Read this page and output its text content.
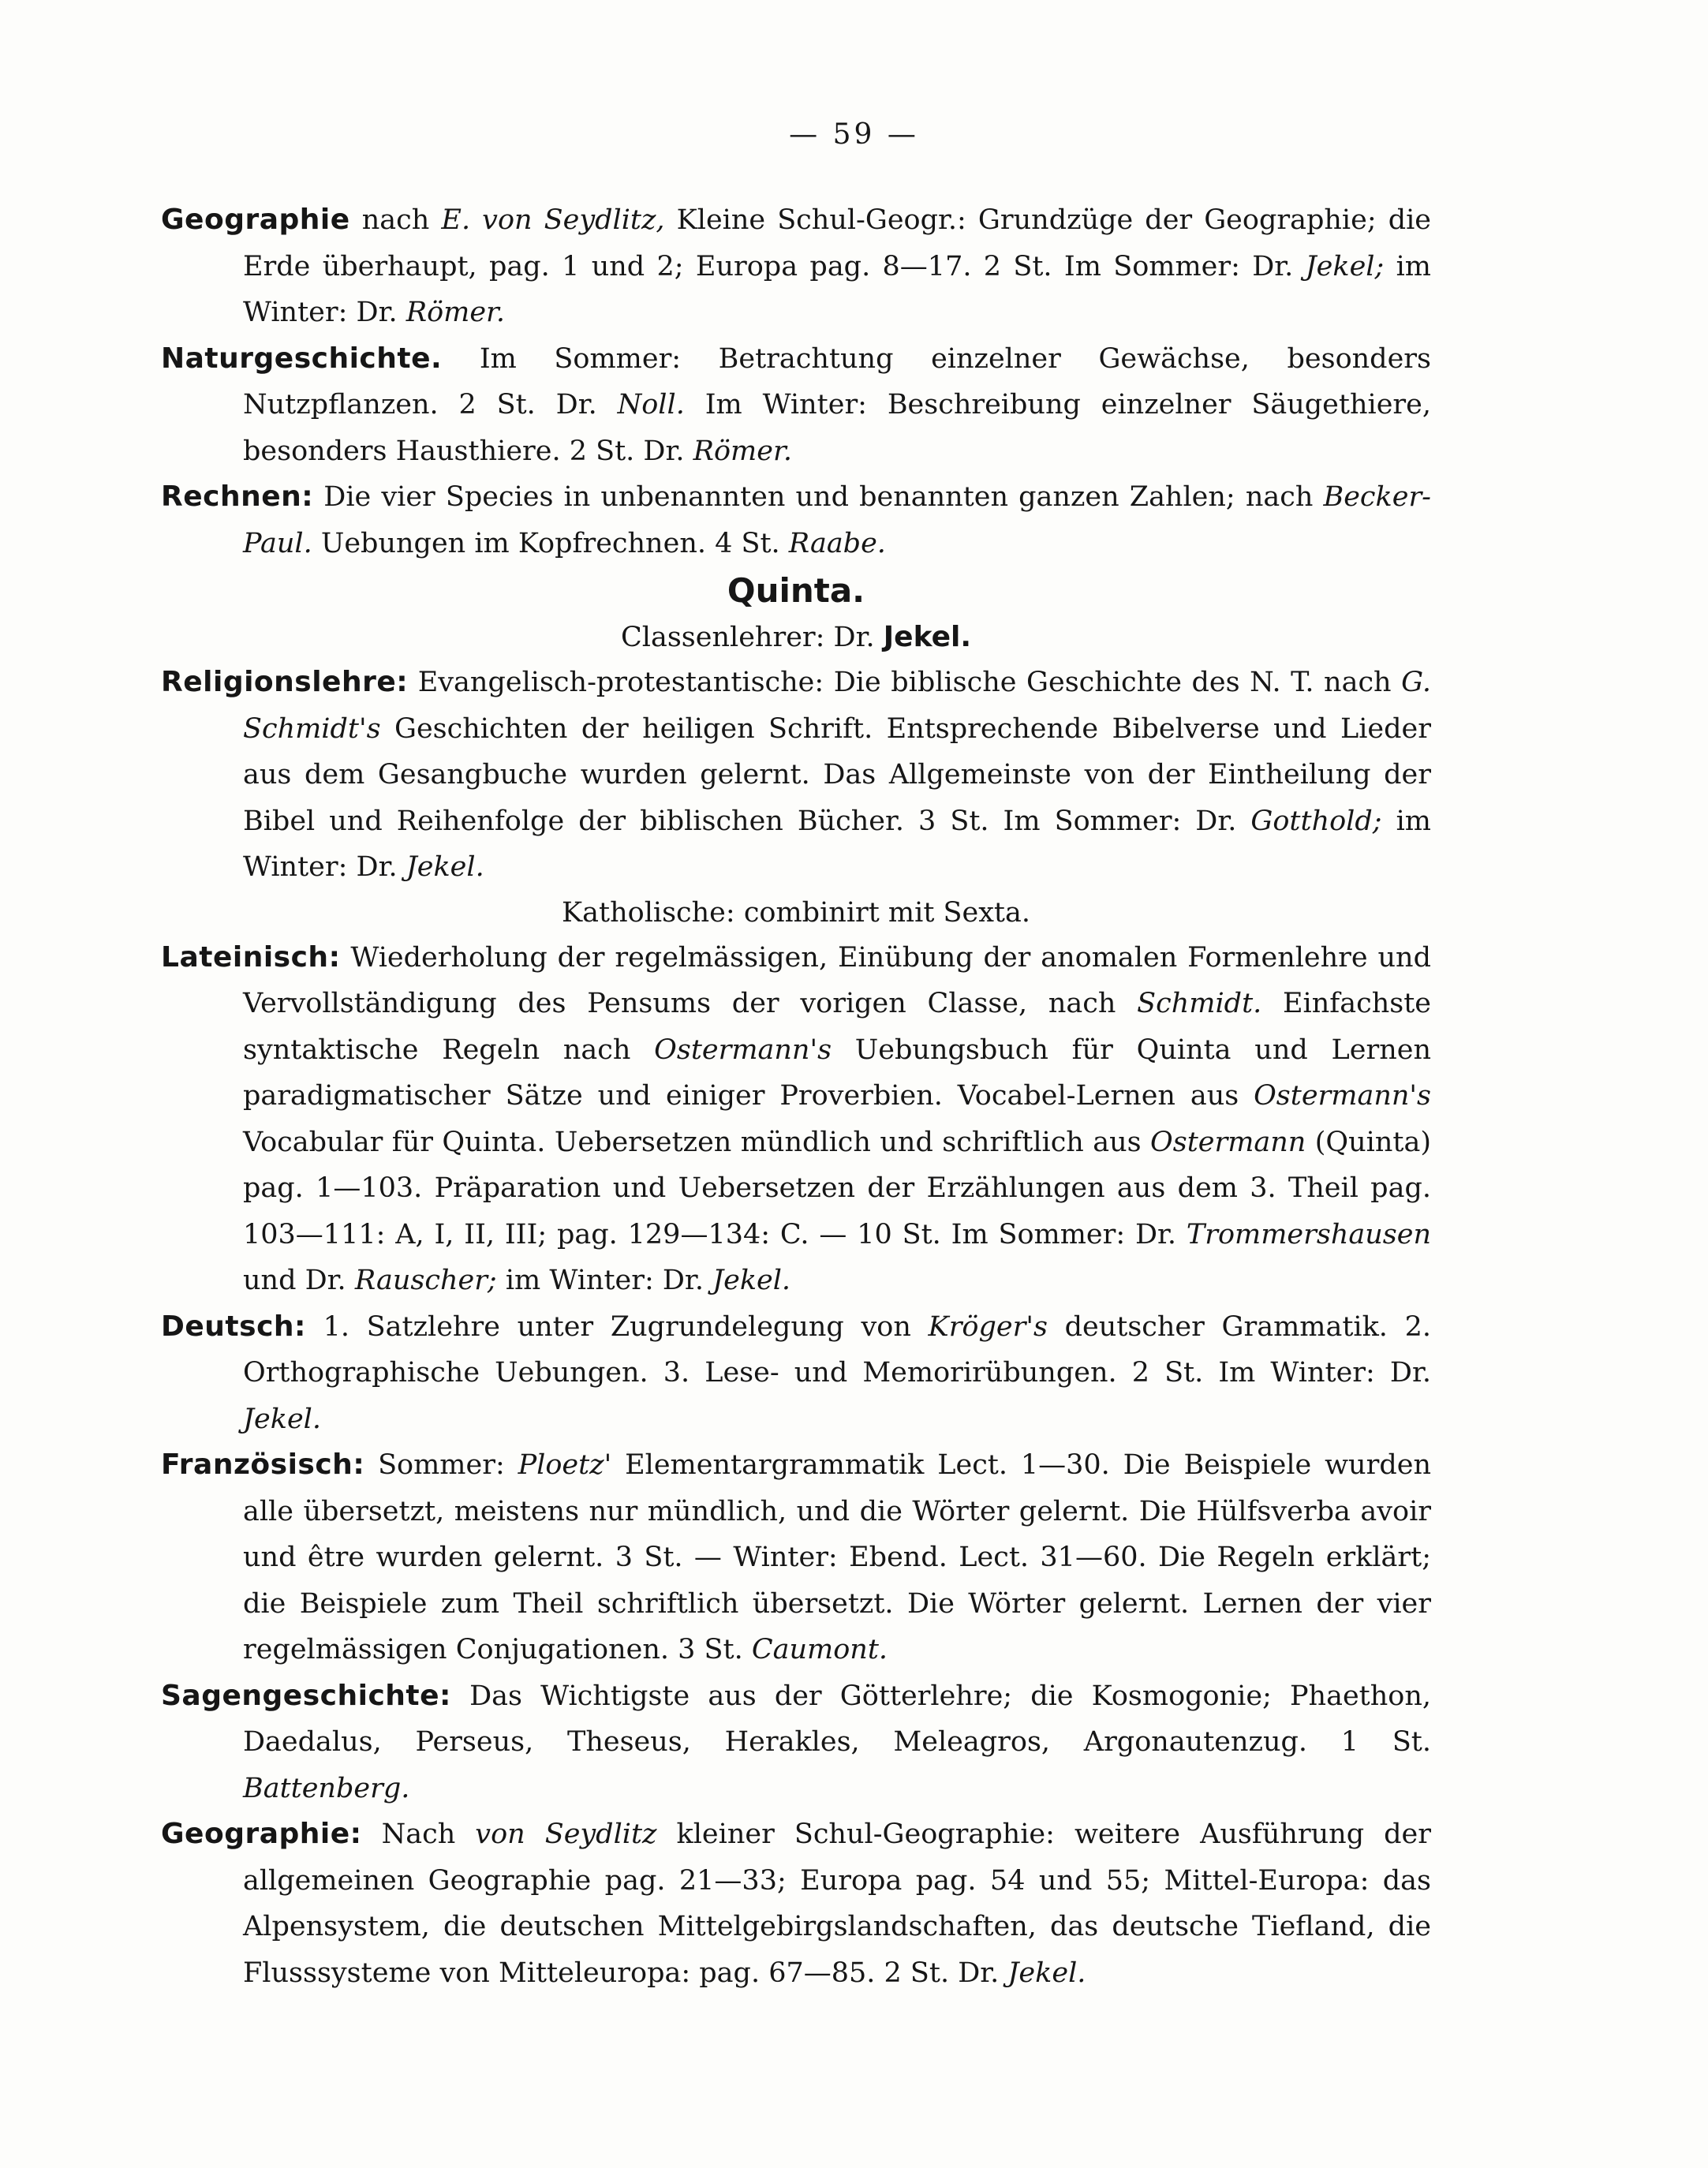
— 59 —

Geographie nach E. von Seydlitz, Kleine Schul-Geogr.: Grundzüge der Geographie; die Erde überhaupt, pag. 1 und 2; Europa pag. 8—17. 2 St. Im Sommer: Dr. Jekel; im Winter: Dr. Römer.

Naturgeschichte. Im Sommer: Betrachtung einzelner Gewächse, besonders Nutzpflanzen. 2 St. Dr. Noll. Im Winter: Beschreibung einzelner Säugethiere, besonders Hausthiere. 2 St. Dr. Römer.

Rechnen: Die vier Species in unbenannten und benannten ganzen Zahlen; nach Becker-Paul. Uebungen im Kopfrechnen. 4 St. Raabe.

Quinta.

Classenlehrer: Dr. Jekel.

Religionslehre: Evangelisch-protestantische: Die biblische Geschichte des N. T. nach G. Schmidt's Geschichten der heiligen Schrift. Entsprechende Bibelverse und Lieder aus dem Gesangbuche wurden gelernt. Das Allgemeinste von der Eintheilung der Bibel und Reihenfolge der biblischen Bücher. 3 St. Im Sommer: Dr. Gotthold; im Winter: Dr. Jekel.

Katholische: combinirt mit Sexta.

Lateinisch: Wiederholung der regelmässigen, Einübung der anomalen Formenlehre und Vervollständigung des Pensums der vorigen Classe, nach Schmidt. Einfachste syntaktische Regeln nach Ostermann's Uebungsbuch für Quinta und Lernen paradigmatischer Sätze und einiger Proverbien. Vocabel-Lernen aus Ostermann's Vocabular für Quinta. Uebersetzen mündlich und schriftlich aus Ostermann (Quinta) pag. 1—103. Präparation und Uebersetzen der Erzählungen aus dem 3. Theil pag. 103—111: A, I, II, III; pag. 129—134: C. — 10 St. Im Sommer: Dr. Trommershausen und Dr. Rauscher; im Winter: Dr. Jekel.

Deutsch: 1. Satzlehre unter Zugrundelegung von Kröger's deutscher Grammatik. 2. Orthographische Uebungen. 3. Lese- und Memorirübungen. 2 St. Im Winter: Dr. Jekel.

Französisch: Sommer: Ploetz' Elementargrammatik Lect. 1—30. Die Beispiele wurden alle übersetzt, meistens nur mündlich, und die Wörter gelernt. Die Hülfsverba avoir und être wurden gelernt. 3 St. — Winter: Ebend. Lect. 31—60. Die Regeln erklärt; die Beispiele zum Theil schriftlich übersetzt. Die Wörter gelernt. Lernen der vier regelmässigen Conjugationen. 3 St. Caumont.

Sagengeschichte: Das Wichtigste aus der Götterlehre; die Kosmogonie; Phaethon, Daedalus, Perseus, Theseus, Herakles, Meleagros, Argonautenzug. 1 St. Battenberg.

Geographie: Nach von Seydlitz kleiner Schul-Geographie: weitere Ausführung der allgemeinen Geographie pag. 21—33; Europa pag. 54 und 55; Mittel-Europa: das Alpensystem, die deutschen Mittelgebirgslandschaften, das deutsche Tiefland, die Flusssysteme von Mitteleuropa: pag. 67—85. 2 St. Dr. Jekel.
